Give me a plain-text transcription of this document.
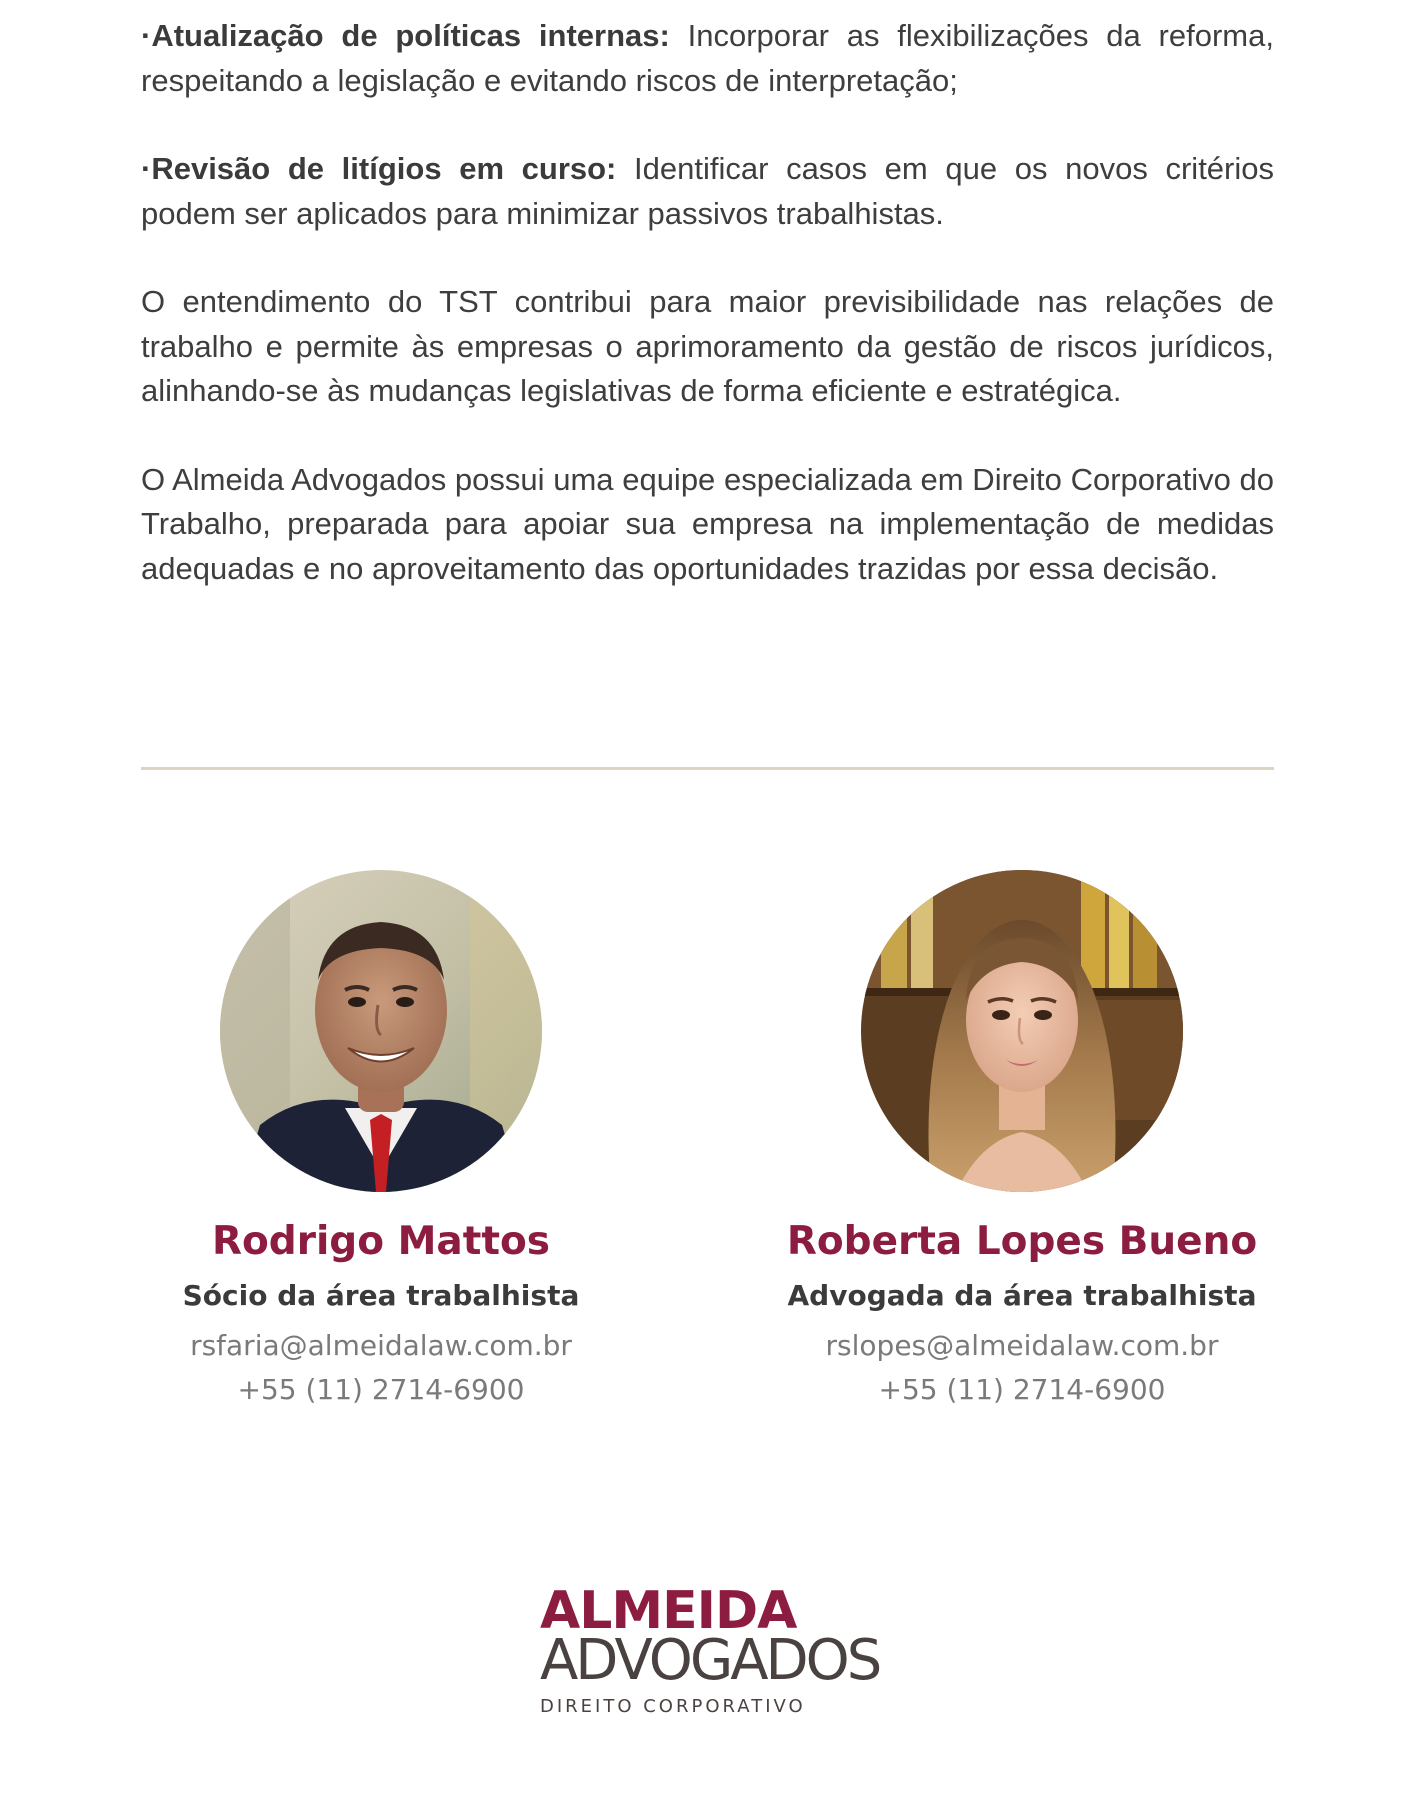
·Atualização de políticas internas: Incorporar as flexibilizações da reforma, respeitando a legislação e evitando riscos de interpretação;

·Revisão de litígios em curso: Identificar casos em que os novos critérios podem ser aplicados para minimizar passivos trabalhistas.

O entendimento do TST contribui para maior previsibilidade nas relações de trabalho e permite às empresas o aprimoramento da gestão de riscos jurídicos, alinhando-se às mudanças legislativas de forma eficiente e estratégica.

O Almeida Advogados possui uma equipe especializada em Direito Corporativo do Trabalho, preparada para apoiar sua empresa na implementação de medidas adequadas e no aproveitamento das oportunidades trazidas por essa decisão.

Rodrigo Mattos
Sócio da área trabalhista
rsfaria@almeidalaw.com.br
+55 (11) 2714-6900
Roberta Lopes Bueno
Advogada da área trabalhista
rslopes@almeidalaw.com.br
+55 (11) 2714-6900
ALMEIDA
ADVOGADOS
DIREITO CORPORATIVO
